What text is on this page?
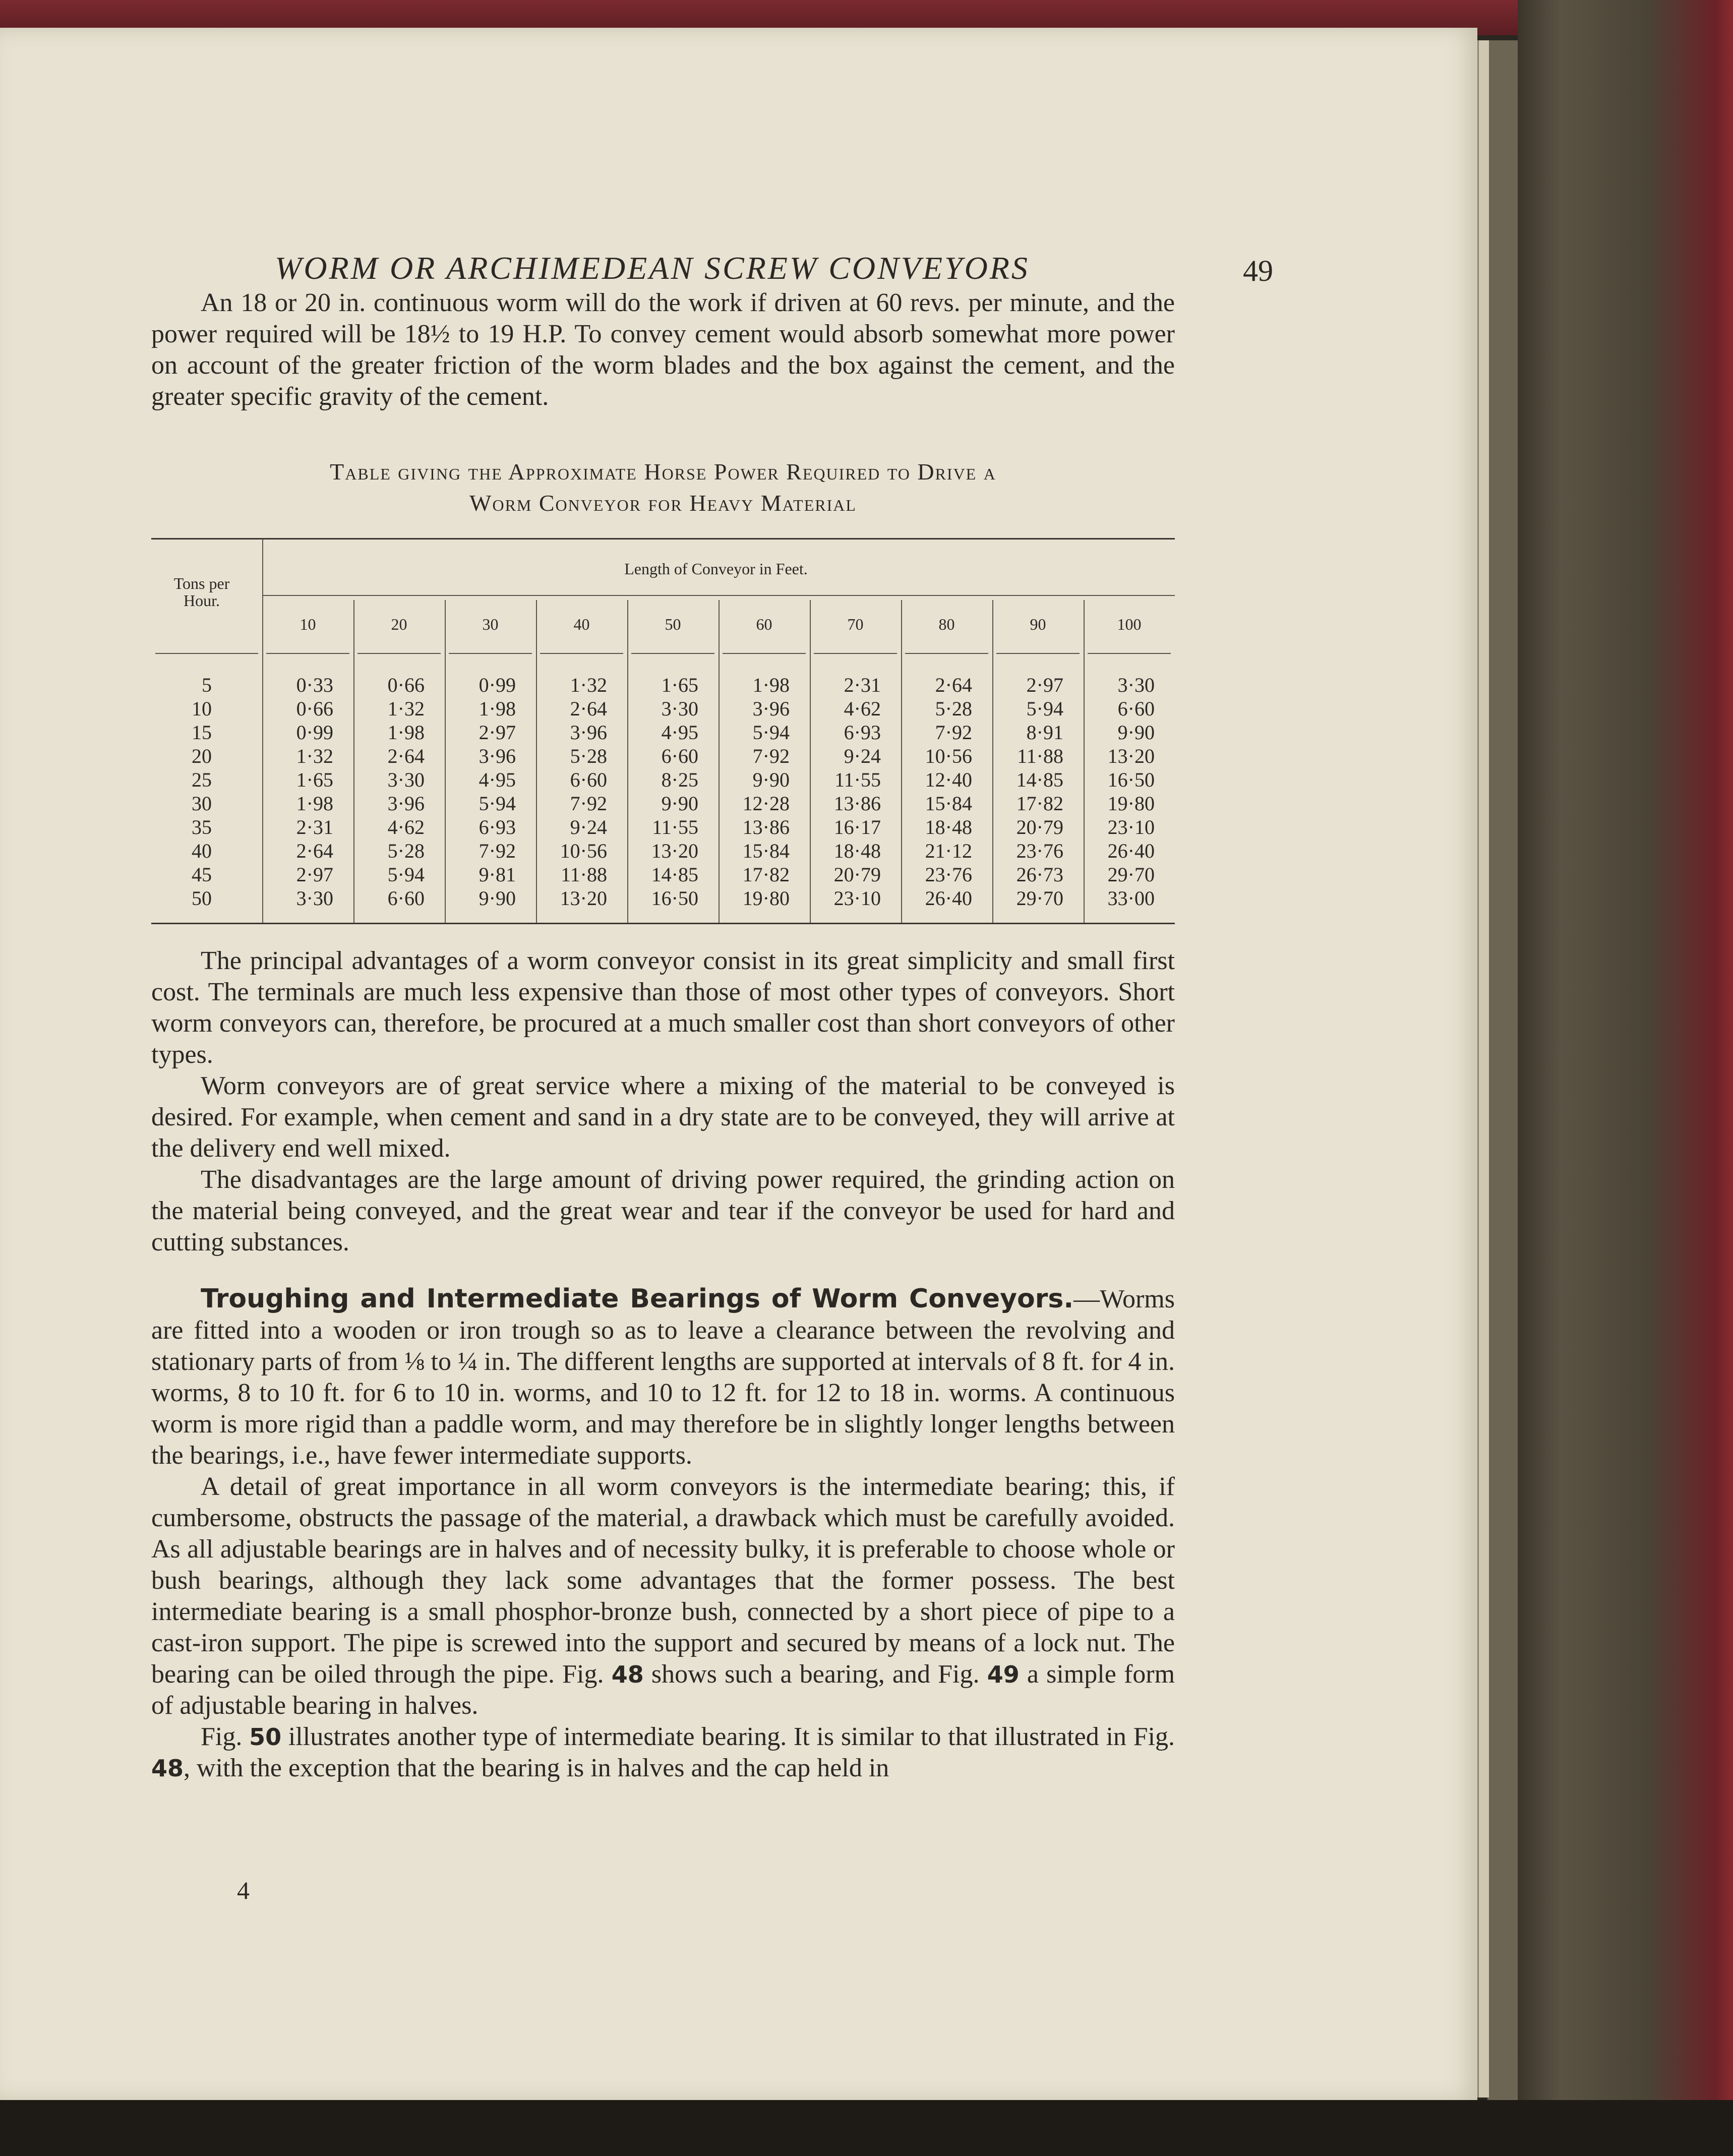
WORM OR ARCHIMEDEAN SCREW CONVEYORS	49

An 18 or 20 in. continuous worm will do the work if driven at 60 revs. per minute, and the power required will be 18½ to 19 H.P. To convey cement would absorb somewhat more power on account of the greater friction of the worm blades and the box against the cement, and the greater specific gravity of the cement.

Table giving the Approximate Horse Power Required to Drive a
Worm Conveyor for Heavy Material
Tons per Hour.
Length of Conveyor in Feet.
10	20	30	40	50	60	70	80	90	100
5	0·33	0·66	0·99	1·32	1·65	1·98	2·31	2·64	2·97	3·30
10	0·66	1·32	1·98	2·64	3·30	3·96	4·62	5·28	5·94	6·60
15	0·99	1·98	2·97	3·96	4·95	5·94	6·93	7·92	8·91	9·90
20	1·32	2·64	3·96	5·28	6·60	7·92	9·24	10·56	11·88	13·20
25	1·65	3·30	4·95	6·60	8·25	9·90	11·55	12·40	14·85	16·50
30	1·98	3·96	5·94	7·92	9·90	12·28	13·86	15·84	17·82	19·80
35	2·31	4·62	6·93	9·24	11·55	13·86	16·17	18·48	20·79	23·10
40	2·64	5·28	7·92	10·56	13·20	15·84	18·48	21·12	23·76	26·40
45	2·97	5·94	9·81	11·88	14·85	17·82	20·79	23·76	26·73	29·70
50	3·30	6·60	9·90	13·20	16·50	19·80	23·10	26·40	29·70	33·00

The principal advantages of a worm conveyor consist in its great simplicity and small first cost. The terminals are much less expensive than those of most other types of conveyors. Short worm conveyors can, therefore, be procured at a much smaller cost than short conveyors of other types.

Worm conveyors are of great service where a mixing of the material to be conveyed is desired. For example, when cement and sand in a dry state are to be conveyed, they will arrive at the delivery end well mixed.

The disadvantages are the large amount of driving power required, the grinding action on the material being conveyed, and the great wear and tear if the conveyor be used for hard and cutting substances.

Troughing and Intermediate Bearings of Worm Conveyors.—Worms are fitted into a wooden or iron trough so as to leave a clearance between the revolving and stationary parts of from ⅛ to ¼ in. The different lengths are supported at intervals of 8 ft. for 4 in. worms, 8 to 10 ft. for 6 to 10 in. worms, and 10 to 12 ft. for 12 to 18 in. worms. A continuous worm is more rigid than a paddle worm, and may therefore be in slightly longer lengths between the bearings, i.e., have fewer intermediate supports.

A detail of great importance in all worm conveyors is the intermediate bearing; this, if cumbersome, obstructs the passage of the material, a drawback which must be carefully avoided. As all adjustable bearings are in halves and of necessity bulky, it is preferable to choose whole or bush bearings, although they lack some advantages that the former possess. The best intermediate bearing is a small phosphor-bronze bush, connected by a short piece of pipe to a cast-iron support. The pipe is screwed into the support and secured by means of a lock nut. The bearing can be oiled through the pipe. Fig. 48 shows such a bearing, and Fig. 49 a simple form of adjustable bearing in halves.

Fig. 50 illustrates another type of intermediate bearing. It is similar to that illustrated in Fig. 48, with the exception that the bearing is in halves and the cap held in

4
